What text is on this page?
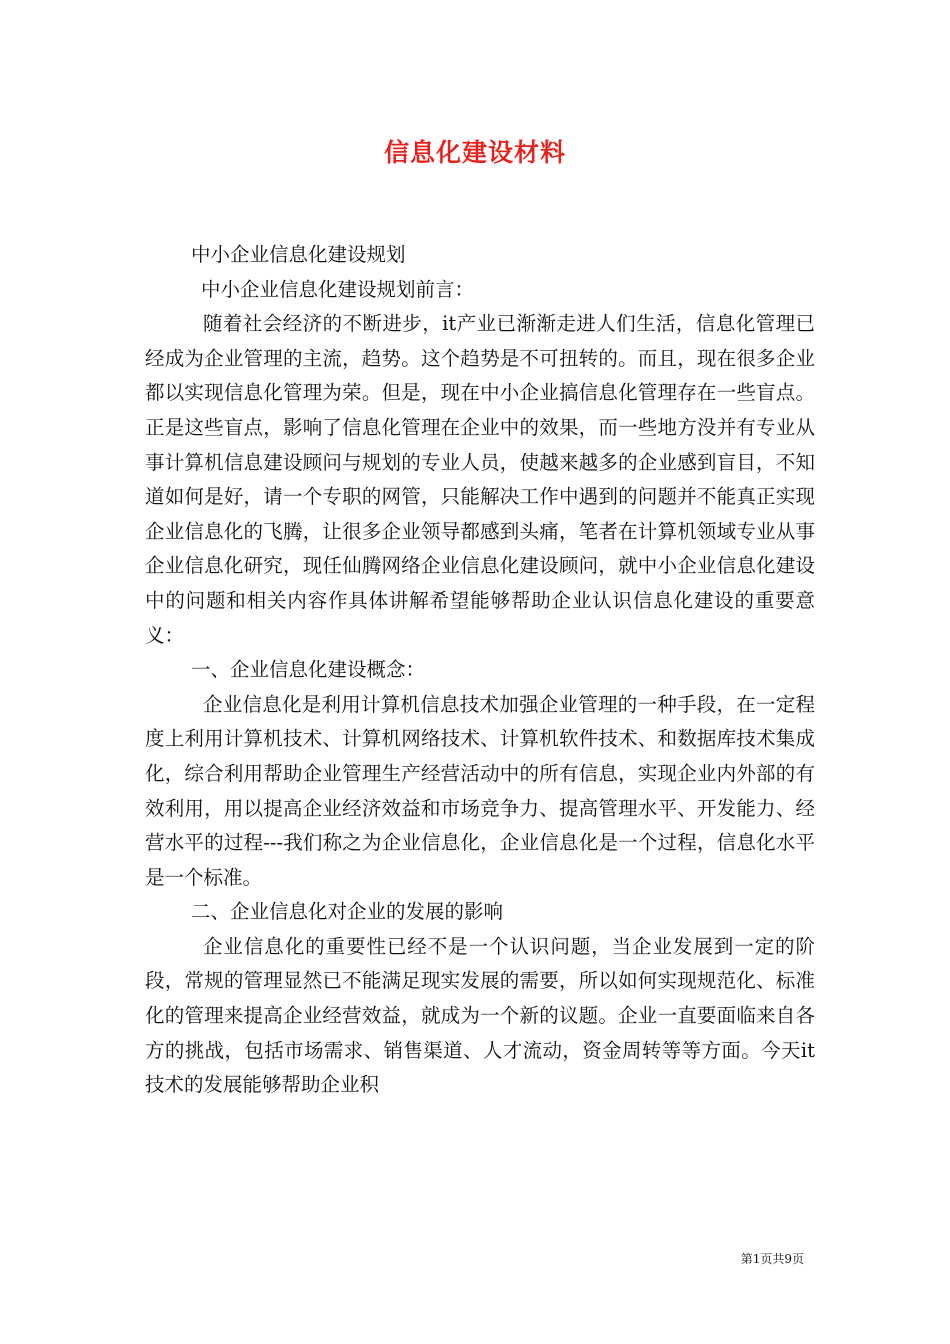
信息化建设材料

中小企业信息化建设规划

中小企业信息化建设规划前言：

随着社会经济的不断进步，it产业已渐渐走进人们生活，信息化管理已经成为企业管理的主流，趋势。这个趋势是不可扭转的。而且，现在很多企业都以实现信息化管理为荣。但是，现在中小企业搞信息化管理存在一些盲点。正是这些盲点，影响了信息化管理在企业中的效果，而一些地方没并有专业从事计算机信息建设顾问与规划的专业人员，使越来越多的企业感到盲目，不知道如何是好，请一个专职的网管，只能解决工作中遇到的问题并不能真正实现企业信息化的飞腾，让很多企业领导都感到头痛，笔者在计算机领域专业从事企业信息化研究，现任仙腾网络企业信息化建设顾问，就中小企业信息化建设中的问题和相关内容作具体讲解希望能够帮助企业认识信息化建设的重要意义：

一、企业信息化建设概念：

企业信息化是利用计算机信息技术加强企业管理的一种手段，在一定程度上利用计算机技术、计算机网络技术、计算机软件技术、和数据库技术集成化，综合利用帮助企业管理生产经营活动中的所有信息，实现企业内外部的有效利用，用以提高企业经济效益和市场竞争力、提高管理水平、开发能力、经营水平的过程---我们称之为企业信息化，企业信息化是一个过程，信息化水平是一个标准。

二、企业信息化对企业的发展的影响

企业信息化的重要性已经不是一个认识问题，当企业发展到一定的阶段，常规的管理显然已不能满足现实发展的需要，所以如何实现规范化、标准化的管理来提高企业经营效益，就成为一个新的议题。企业一直要面临来自各方的挑战，包括市场需求、销售渠道、人才流动，资金周转等等方面。今天it技术的发展能够帮助企业积

第1页共9页
